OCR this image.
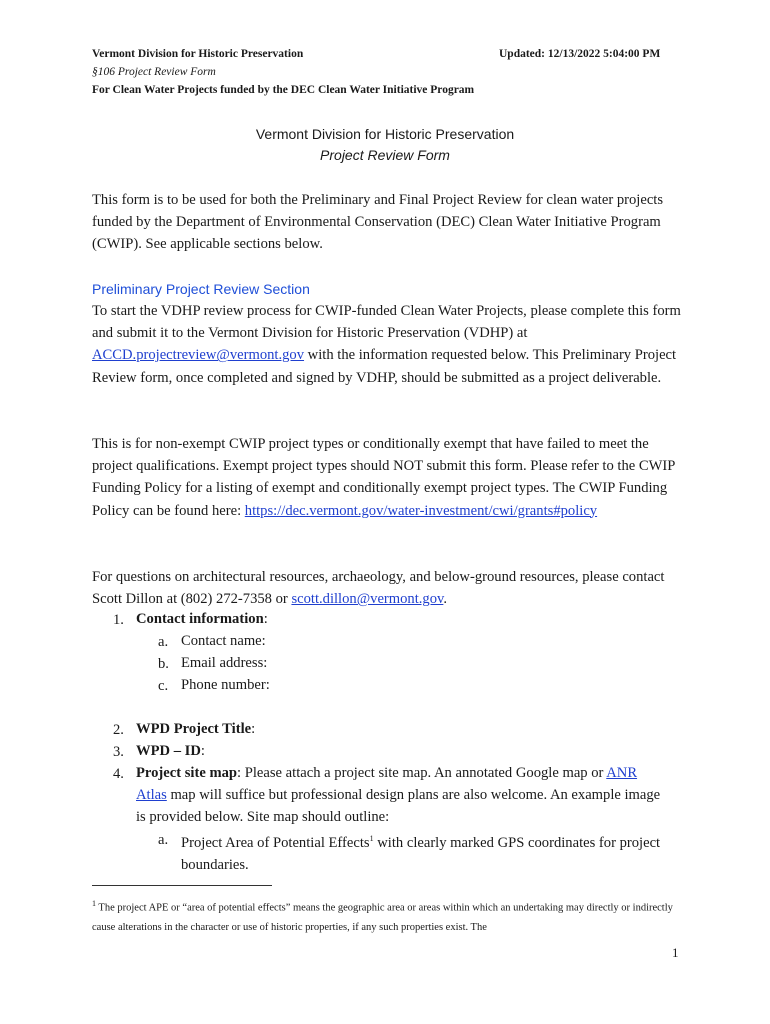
Vermont Division for Historic Preservation	Updated: 12/13/2022 5:04:00 PM
§106 Project Review Form
For Clean Water Projects funded by the DEC Clean Water Initiative Program
Vermont Division for Historic Preservation
Project Review Form

This form is to be used for both the Preliminary and Final Project Review for clean water projects funded by the Department of Environmental Conservation (DEC) Clean Water Initiative Program (CWIP). See applicable sections below.

Preliminary Project Review Section

To start the VDHP review process for CWIP-funded Clean Water Projects, please complete this form and submit it to the Vermont Division for Historic Preservation (VDHP) at ACCD.projectreview@vermont.gov with the information requested below. This Preliminary Project Review form, once completed and signed by VDHP, should be submitted as a project deliverable.

This is for non-exempt CWIP project types or conditionally exempt that have failed to meet the project qualifications. Exempt project types should NOT submit this form. Please refer to the CWIP Funding Policy for a listing of exempt and conditionally exempt project types. The CWIP Funding Policy can be found here: https://dec.vermont.gov/water-investment/cwi/grants#policy

For questions on architectural resources, archaeology, and below-ground resources, please contact Scott Dillon at (802) 272-7358 or scott.dillon@vermont.gov.

1. Contact information:
a. Contact name:
b. Email address:
c. Phone number:
2. WPD Project Title:
3. WPD – ID:
4. Project site map: Please attach a project site map. An annotated Google map or ANR Atlas map will suffice but professional design plans are also welcome. An example image is provided below. Site map should outline:
a. Project Area of Potential Effects$^1$ with clearly marked GPS coordinates for project boundaries.

$^1$ The project APE or “area of potential effects” means the geographic area or areas within which an undertaking may directly or indirectly cause alterations in the character or use of historic properties, if any such properties exist. The

1
